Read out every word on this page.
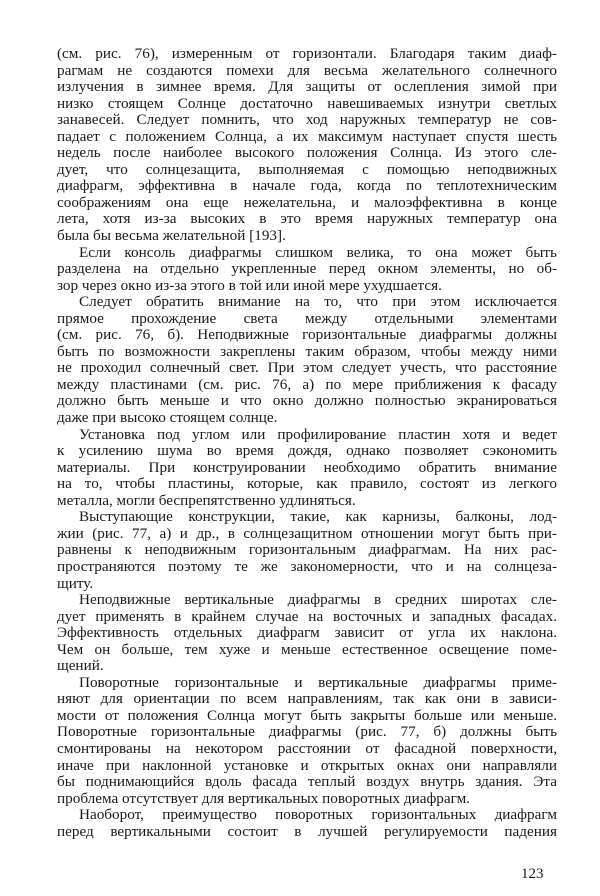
(см. рис. 76), измеренным от горизонтали. Благодаря таким диаф-
рагмам не создаются помехи для весьма желательного солнечного
излучения в зимнее время. Для защиты от ослепления зимой при
низко стоящем Солнце достаточно навешиваемых изнутри светлых
занавесей. Следует помнить, что ход наружных температур не сов-
падает с положением Солнца, а их максимум наступает спустя шесть
недель после наиболее высокого положения Солнца. Из этого сле-
дует, что солнцезащита, выполняемая с помощью неподвижных
диафрагм, эффективна в начале года, когда по теплотехническим
соображениям она еще нежелательна, и малоэффективна в конце
лета, хотя из-за высоких в это время наружных температур она
была бы весьма желательной [193].
Если консоль диафрагмы слишком велика, то она может быть
разделена на отдельно укрепленные перед окном элементы, но об-
зор через окно из-за этого в той или иной мере ухудшается.
Следует обратить внимание на то, что при этом исключается
прямое прохождение света между отдельными элементами
(см. рис. 76, б). Неподвижные горизонтальные диафрагмы должны
быть по возможности закреплены таким образом, чтобы между ними
не проходил солнечный свет. При этом следует учесть, что расстояние
между пластинами (см. рис. 76, а) по мере приближения к фасаду
должно быть меньше и что окно должно полностью экранироваться
даже при высоко стоящем солнце.
Установка под углом или профилирование пластин хотя и ведет
к усилению шума во время дождя, однако позволяет сэкономить
материалы. При конструировании необходимо обратить внимание
на то, чтобы пластины, которые, как правило, состоят из легкого
металла, могли беспрепятственно удлиняться.
Выступающие конструкции, такие, как карнизы, балконы, лод-
жии (рис. 77, а) и др., в солнцезащитном отношении могут быть при-
равнены к неподвижным горизонтальным диафрагмам. На них рас-
пространяются поэтому те же закономерности, что и на солнцеза-
щиту.
Неподвижные вертикальные диафрагмы в средних широтах сле-
дует применять в крайнем случае на восточных и западных фасадах.
Эффективность отдельных диафрагм зависит от угла их наклона.
Чем он больше, тем хуже и меньше естественное освещение поме-
щений.
Поворотные горизонтальные и вертикальные диафрагмы приме-
няют для ориентации по всем направлениям, так как они в зависи-
мости от положения Солнца могут быть закрыты больше или меньше.
Поворотные горизонтальные диафрагмы (рис. 77, б) должны быть
смонтированы на некотором расстоянии от фасадной поверхности,
иначе при наклонной установке и открытых окнах они направляли
бы поднимающийся вдоль фасада теплый воздух внутрь здания. Эта
проблема отсутствует для вертикальных поворотных диафрагм.
Наоборот, преимущество поворотных горизонтальных диафрагм
перед вертикальными состоит в лучшей регулируемости падения
123
